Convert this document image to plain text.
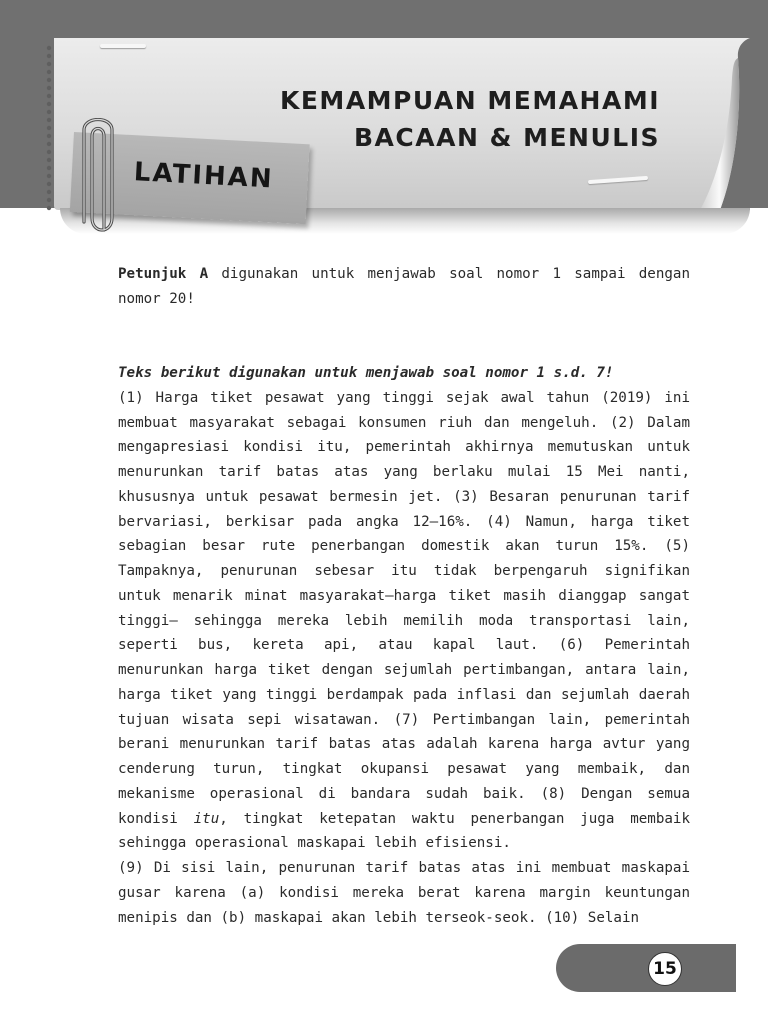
KEMAMPUAN MEMAHAMI
BACAAN & MENULIS
LATIHAN

Petunjuk A digunakan untuk menjawab soal nomor 1 sampai dengan nomor 20!

Teks berikut digunakan untuk menjawab soal nomor 1 s.d. 7!

(1) Harga tiket pesawat yang tinggi sejak awal tahun (2019) ini membuat masyarakat sebagai konsumen riuh dan mengeluh. (2) Dalam mengapresiasi kondisi itu, pemerintah akhirnya memutuskan untuk menurunkan tarif batas atas yang berlaku mulai 15 Mei nanti, khususnya untuk pesawat bermesin jet. (3) Besaran penurunan tarif bervariasi, berkisar pada angka 12—16%. (4) Namun, harga tiket sebagian besar rute penerbangan domestik akan turun 15%. (5) Tampaknya, penurunan sebesar itu tidak berpengaruh signifikan untuk menarik minat masyarakat—harga tiket masih dianggap sangat tinggi— sehingga mereka lebih memilih moda transportasi lain, seperti bus, kereta api, atau kapal laut. (6) Pemerintah menurunkan harga tiket dengan sejumlah pertimbangan, antara lain, harga tiket yang tinggi berdampak pada inflasi dan sejumlah daerah tujuan wisata sepi wisatawan. (7) Pertimbangan lain, pemerintah berani menurunkan tarif batas atas adalah karena harga avtur yang cenderung turun, tingkat okupansi pesawat yang membaik, dan mekanisme operasional di bandara sudah baik. (8) Dengan semua kondisi itu, tingkat ketepatan waktu penerbangan juga membaik sehingga operasional maskapai lebih efisiensi.

(9) Di sisi lain, penurunan tarif batas atas ini membuat maskapai gusar karena (a) kondisi mereka berat karena margin keuntungan menipis dan (b) maskapai akan lebih terseok-seok. (10) Selain

15
